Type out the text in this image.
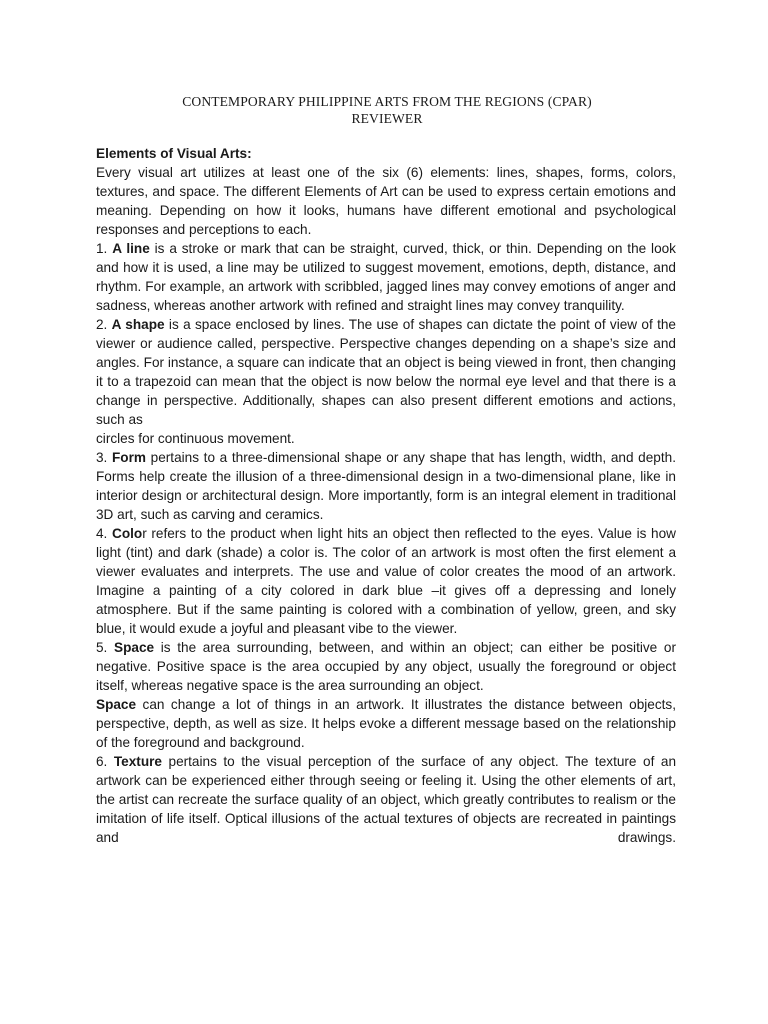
CONTEMPORARY PHILIPPINE ARTS FROM THE REGIONS (CPAR)
REVIEWER

Elements of Visual Arts:

Every visual art utilizes at least one of the six (6) elements: lines, shapes, forms, colors, textures, and space. The different Elements of Art can be used to express certain emotions and meaning. Depending on how it looks, humans have different emotional and psychological responses and perceptions to each.

1. A line is a stroke or mark that can be straight, curved, thick, or thin. Depending on the look and how it is used, a line may be utilized to suggest movement, emotions, depth, distance, and rhythm. For example, an artwork with scribbled, jagged lines may convey emotions of anger and sadness, whereas another artwork with refined and straight lines may convey tranquility.

2. A shape is a space enclosed by lines. The use of shapes can dictate the point of view of the viewer or audience called, perspective. Perspective changes depending on a shape’s size and angles. For instance, a square can indicate that an object is being viewed in front, then changing it to a trapezoid can mean that the object is now below the normal eye level and that there is a change in perspective. Additionally, shapes can also present different emotions and actions, such as

circles for continuous movement.

3. Form pertains to a three-dimensional shape or any shape that has length, width, and depth. Forms help create the illusion of a three-dimensional design in a two-dimensional plane, like in interior design or architectural design. More importantly, form is an integral element in traditional 3D art, such as carving and ceramics.

4. Color refers to the product when light hits an object then reflected to the eyes. Value is how light (tint) and dark (shade) a color is. The color of an artwork is most often the first element a viewer evaluates and interprets. The use and value of color creates the mood of an artwork. Imagine a painting of a city colored in dark blue –it gives off a depressing and lonely atmosphere. But if the same painting is colored with a combination of yellow, green, and sky blue, it would exude a joyful and pleasant vibe to the viewer.

5. Space is the area surrounding, between, and within an object; can either be positive or negative. Positive space is the area occupied by any object, usually the foreground or object itself, whereas negative space is the area surrounding an object.

Space can change a lot of things in an artwork. It illustrates the distance between objects, perspective, depth, as well as size. It helps evoke a different message based on the relationship of the foreground and background.

6. Texture pertains to the visual perception of the surface of any object. The texture of an artwork can be experienced either through seeing or feeling it. Using the other elements of art, the artist can recreate the surface quality of an object, which greatly contributes to realism or the imitation of life itself. Optical illusions of the actual textures of objects are recreated in paintings and drawings.
